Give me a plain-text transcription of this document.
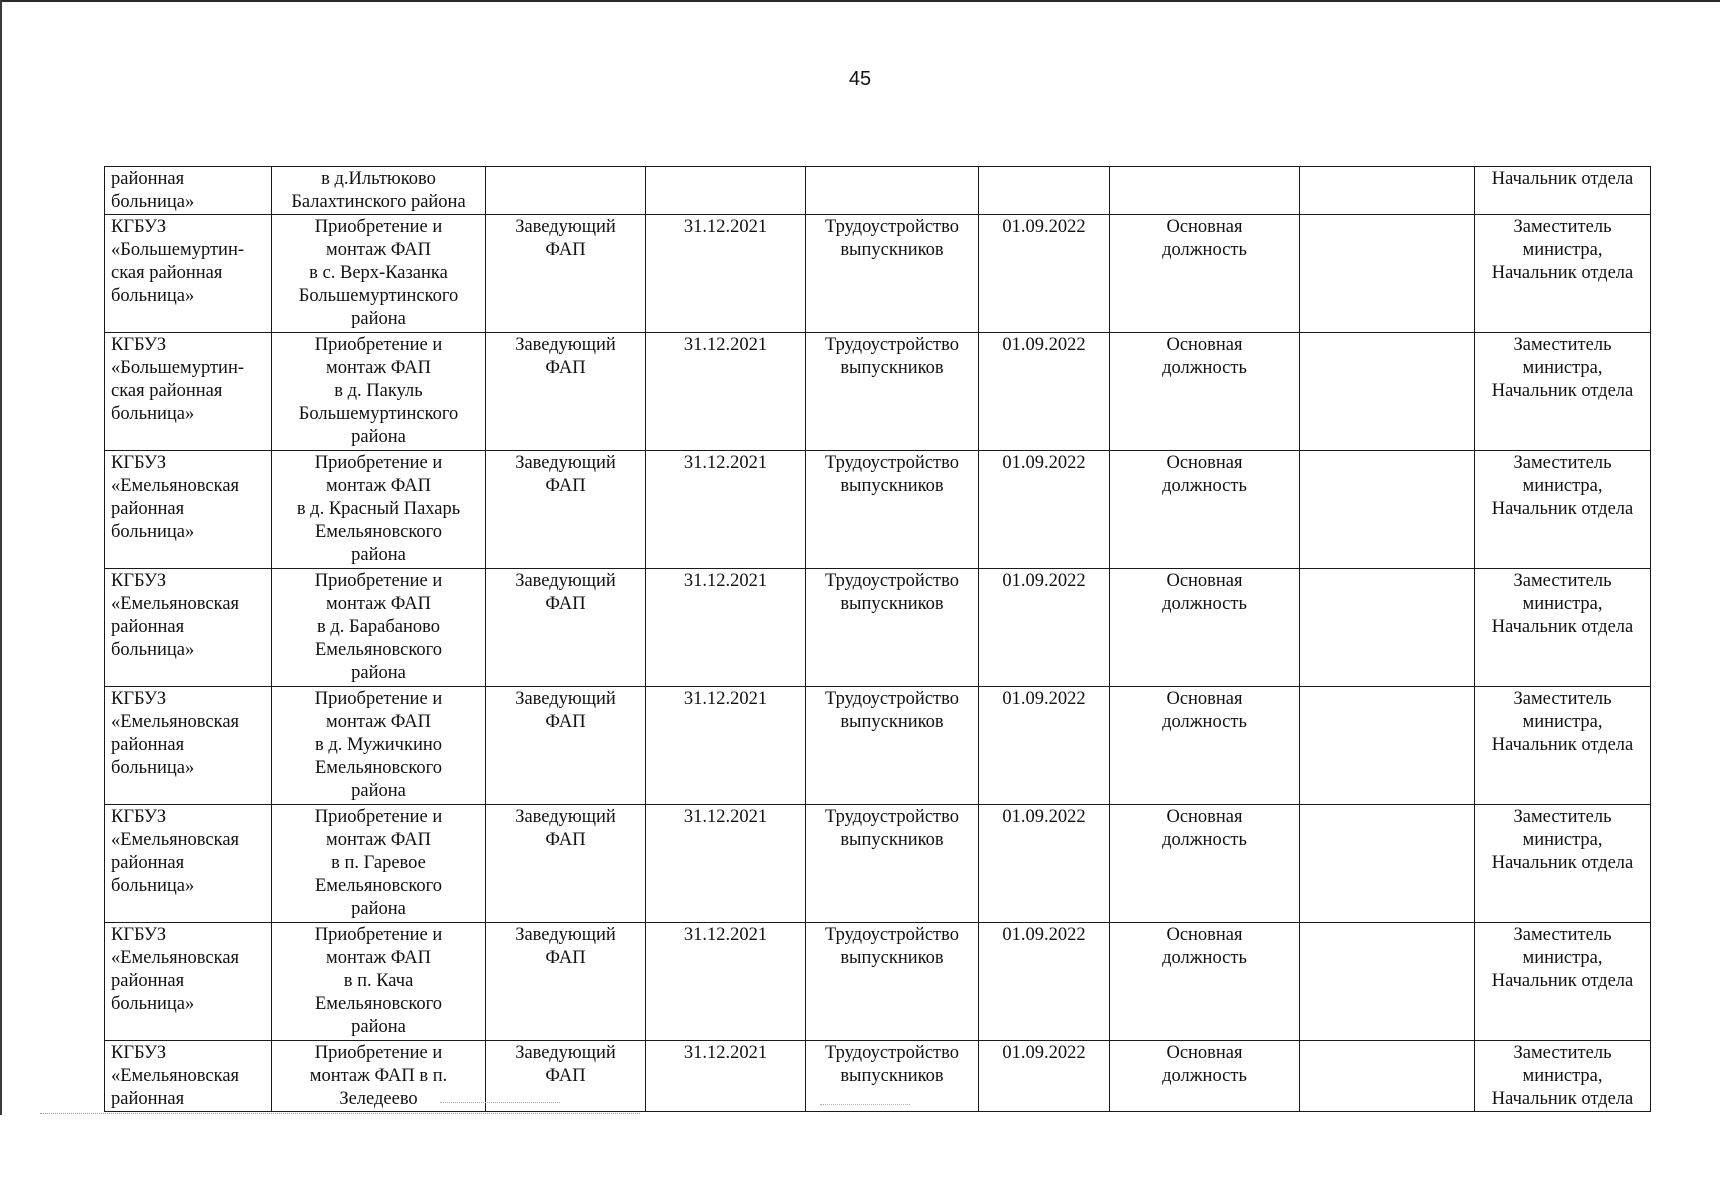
45
районная
больница»	в д.Ильтюково
Балахтинского района							Начальник отдела

КГБУЗ
«Большемуртин-
ская районная
больница»	Приобретение и
монтаж ФАП
в с. Верх-Казанка
Большемуртинского
района	Заведующий
ФАП	31.12.2021	Трудоустройство
выпускников	01.09.2022	Основная
должность		Заместитель
министра,
Начальник отдела

КГБУЗ
«Большемуртин-
ская районная
больница»	Приобретение и
монтаж ФАП
в д. Пакуль
Большемуртинского
района	Заведующий
ФАП	31.12.2021	Трудоустройство
выпускников	01.09.2022	Основная
должность		Заместитель
министра,
Начальник отдела

КГБУЗ
«Емельяновская
районная
больница»	Приобретение и
монтаж ФАП
в д. Красный Пахарь
Емельяновского
района	Заведующий
ФАП	31.12.2021	Трудоустройство
выпускников	01.09.2022	Основная
должность		Заместитель
министра,
Начальник отдела

КГБУЗ
«Емельяновская
районная
больница»	Приобретение и
монтаж ФАП
в д. Барабаново
Емельяновского
района	Заведующий
ФАП	31.12.2021	Трудоустройство
выпускников	01.09.2022	Основная
должность		Заместитель
министра,
Начальник отдела

КГБУЗ
«Емельяновская
районная
больница»	Приобретение и
монтаж ФАП
в д. Мужичкино
Емельяновского
района	Заведующий
ФАП	31.12.2021	Трудоустройство
выпускников	01.09.2022	Основная
должность		Заместитель
министра,
Начальник отдела

КГБУЗ
«Емельяновская
районная
больница»	Приобретение и
монтаж ФАП
в п. Гаревое
Емельяновского
района	Заведующий
ФАП	31.12.2021	Трудоустройство
выпускников	01.09.2022	Основная
должность		Заместитель
министра,
Начальник отдела

КГБУЗ
«Емельяновская
районная
больница»	Приобретение и
монтаж ФАП
в п. Кача
Емельяновского
района	Заведующий
ФАП	31.12.2021	Трудоустройство
выпускников	01.09.2022	Основная
должность		Заместитель
министра,
Начальник отдела

КГБУЗ
«Емельяновская
районная	Приобретение и
монтаж ФАП в п.
Зеледеево	Заведующий
ФАП	31.12.2021	Трудоустройство
выпускников	01.09.2022	Основная
должность		Заместитель
министра,
Начальник отдела
